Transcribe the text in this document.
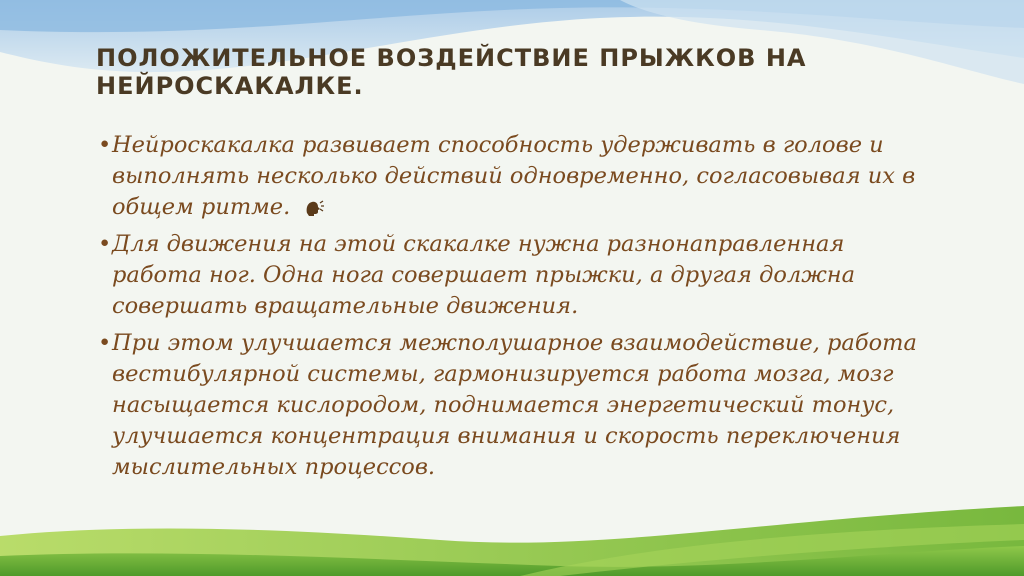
ПОЛОЖИТЕЛЬНОЕ ВОЗДЕЙСТВИЕ ПРЫЖКОВ НА НЕЙРОСКАКАЛКЕ.
• Нейроскакалка развивает способность удерживать в голове и выполнять несколько действий одновременно, согласовывая их в общем ритме.
• Для движения на этой скакалке нужна разнонаправленная работа ног. Одна нога совершает прыжки, а другая должна совершать вращательные движения.
• При этом улучшается межполушарное взаимодействие, работа вестибулярной системы, гармонизируется работа мозга, мозг насыщается кислородом, поднимается энергетический тонус, улучшается концентрация внимания и скорость переключения мыслительных процессов.
